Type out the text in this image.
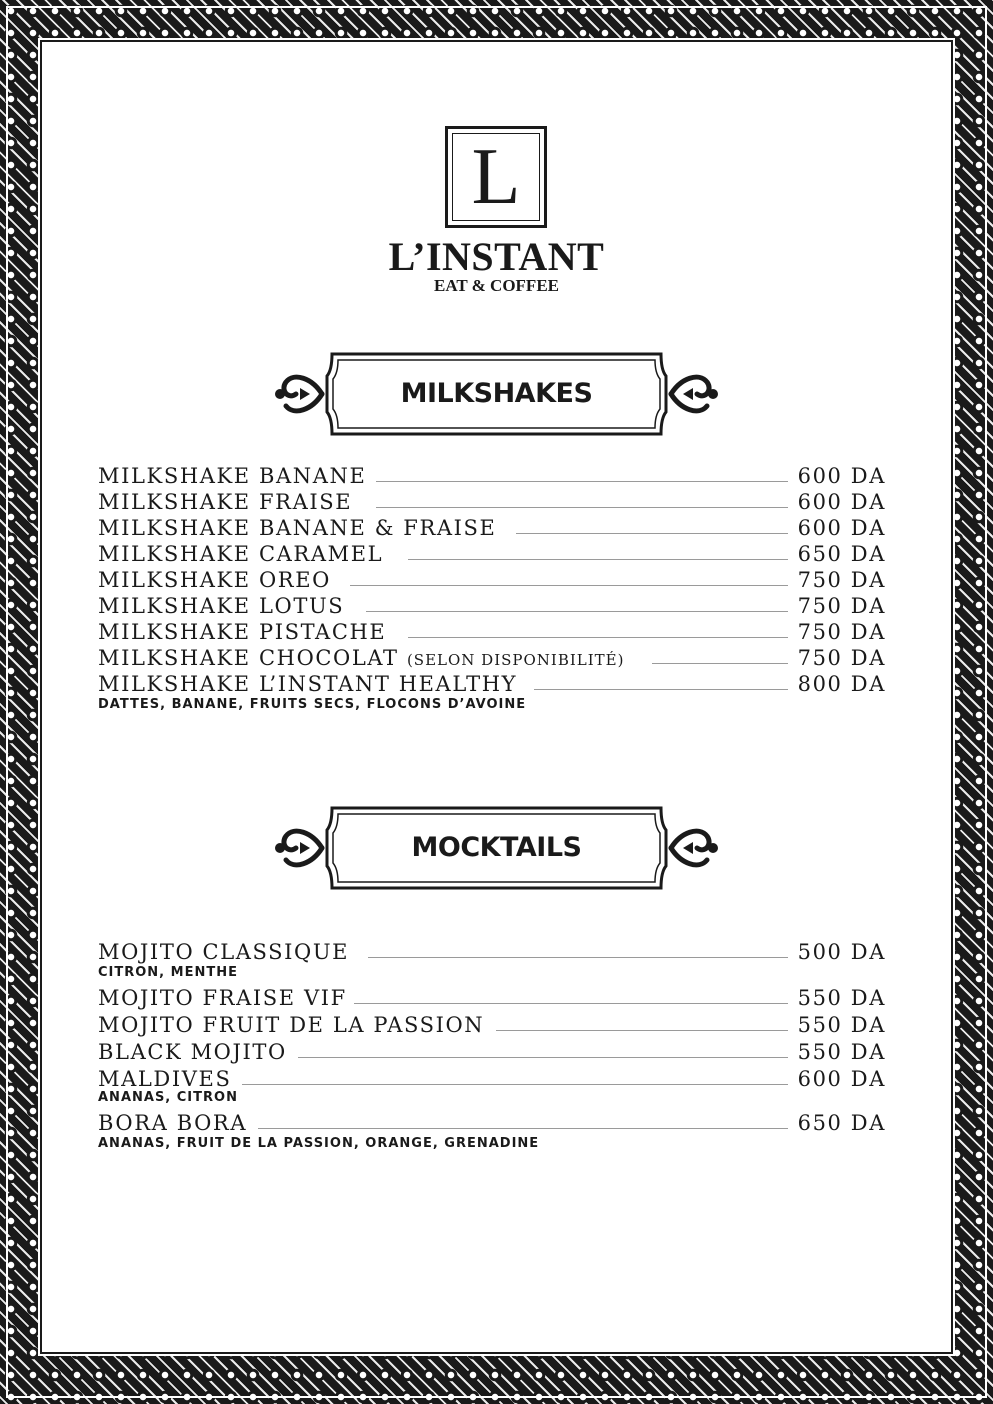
L
L’INSTANT
EAT & COFFEE
MILKSHAKES
MILKSHAKE BANANE	600 DA
MILKSHAKE FRAISE	600 DA
MILKSHAKE BANANE & FRAISE	600 DA
MILKSHAKE CARAMEL	650 DA
MILKSHAKE OREO	750 DA
MILKSHAKE LOTUS	750 DA
MILKSHAKE PISTACHE	750 DA
MILKSHAKE CHOCOLAT (SELON DISPONIBILITÉ)	750 DA
MILKSHAKE L’INSTANT HEALTHY	800 DA
DATTES, BANANE, FRUITS SECS, FLOCONS D’AVOINE
MOCKTAILS
MOJITO CLASSIQUE	500 DA
CITRON, MENTHE
MOJITO FRAISE VIF	550 DA
MOJITO FRUIT DE LA PASSION	550 DA
BLACK MOJITO	550 DA
MALDIVES	600 DA
ANANAS, CITRON
BORA BORA	650 DA
ANANAS, FRUIT DE LA PASSION, ORANGE, GRENADINE
